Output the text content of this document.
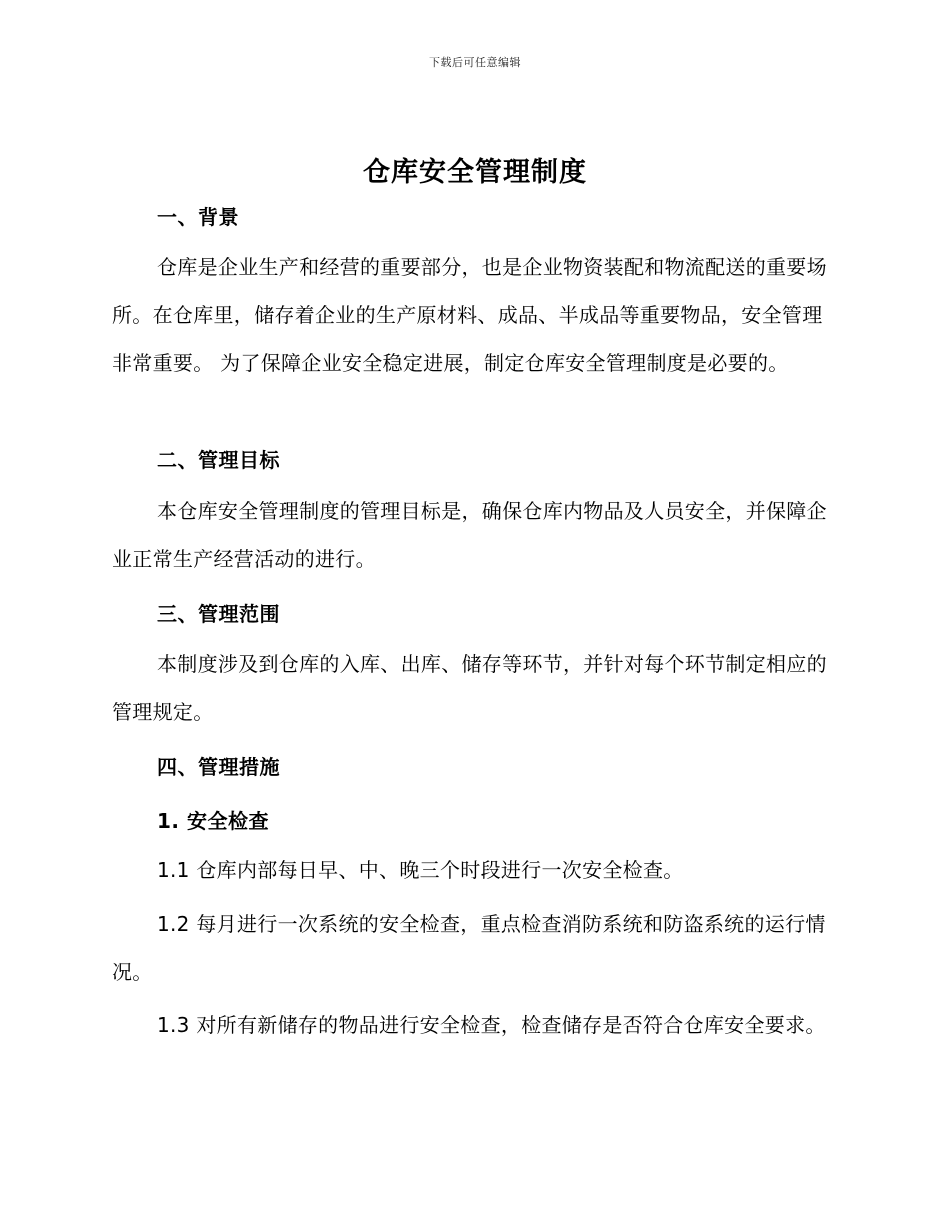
下载后可任意编辑
仓库安全管理制度
一、背景

仓库是企业生产和经营的重要部分，也是企业物资装配和物流配送的重要场所。在仓库里，储存着企业的生产原材料、成品、半成品等重要物品，安全管理非常重要。 为了保障企业安全稳定进展，制定仓库安全管理制度是必要的。

二、管理目标

本仓库安全管理制度的管理目标是，确保仓库内物品及人员安全，并保障企业正常生产经营活动的进行。

三、管理范围

本制度涉及到仓库的入库、出库、储存等环节，并针对每个环节制定相应的管理规定。

四、管理措施
1. 安全检查

1.1 仓库内部每日早、中、晚三个时段进行一次安全检查。

1.2 每月进行一次系统的安全检查，重点检查消防系统和防盗系统的运行情况。

1.3 对所有新储存的物品进行安全检查，检查储存是否符合仓库安全要求。
